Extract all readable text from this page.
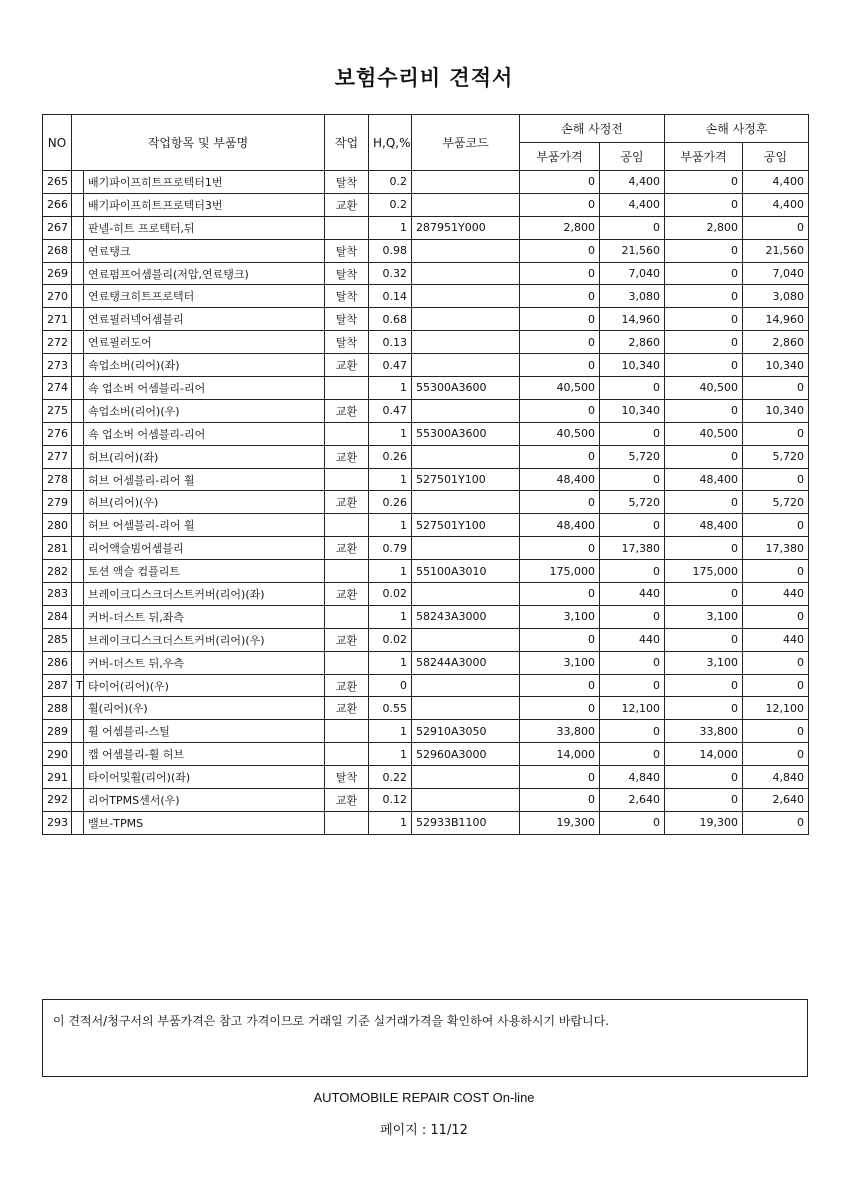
보험수리비 견적서
NO	작업항목 및 부품명		작업	H,Q,%	부품코드	손해 사정전		손해 사정후	
						부품가격	공임	부품가격	공임
265		배기파이프히트프로텍터1번	탈착	0.2		0	4,400	0	4,400
266		배기파이프히트프로텍터3번	교환	0.2		0	4,400	0	4,400
267		판넬-히트 프로텍터,뒤		1	287951Y000	2,800	0	2,800	0
268		연료탱크	탈착	0.98		0	21,560	0	21,560
269		연료펌프어셈블리(저압,연료탱크)	탈착	0.32		0	7,040	0	7,040
270		연료탱크히트프로텍터	탈착	0.14		0	3,080	0	3,080
271		연료필러넥어셈블리	탈착	0.68		0	14,960	0	14,960
272		연료필러도어	탈착	0.13		0	2,860	0	2,860
273		쇽업소버(리어)(좌)	교환	0.47		0	10,340	0	10,340
274		쇽 업소버 어셈블리-리어		1	55300A3600	40,500	0	40,500	0
275		쇽업소버(리어)(우)	교환	0.47		0	10,340	0	10,340
276		쇽 업소버 어셈블리-리어		1	55300A3600	40,500	0	40,500	0
277		허브(리어)(좌)	교환	0.26		0	5,720	0	5,720
278		허브 어셈블리-리어 휠		1	527501Y100	48,400	0	48,400	0
279		허브(리어)(우)	교환	0.26		0	5,720	0	5,720
280		허브 어셈블리-리어 휠		1	527501Y100	48,400	0	48,400	0
281		리어액슬빔어셈블리	교환	0.79		0	17,380	0	17,380
282		토션 액슬 컴플리트		1	55100A3010	175,000	0	175,000	0
283		브레이크디스크더스트커버(리어)(좌)	교환	0.02		0	440	0	440
284		커버-더스트 뒤,좌측		1	58243A3000	3,100	0	3,100	0
285		브레이크디스크더스트커버(리어)(우)	교환	0.02		0	440	0	440
286		커버-더스트 뒤,우측		1	58244A3000	3,100	0	3,100	0
287	T	타이어(리어)(우)	교환	0		0	0	0	0
288		휠(리어)(우)	교환	0.55		0	12,100	0	12,100
289		휠 어셈블리-스틸		1	52910A3050	33,800	0	33,800	0
290		캡 어셈블리-휠 허브		1	52960A3000	14,000	0	14,000	0
291		타이어및휠(리어)(좌)	탈착	0.22		0	4,840	0	4,840
292		리어TPMS센서(우)	교환	0.12		0	2,640	0	2,640
293		밸브-TPMS		1	52933B1100	19,300	0	19,300	0
이 견적서/청구서의 부품가격은 참고 가격이므로 거래일 기준 실거래가격을 확인하여 사용하시기 바랍니다.
AUTOMOBILE REPAIR COST On-line
페이지 : 11/12
